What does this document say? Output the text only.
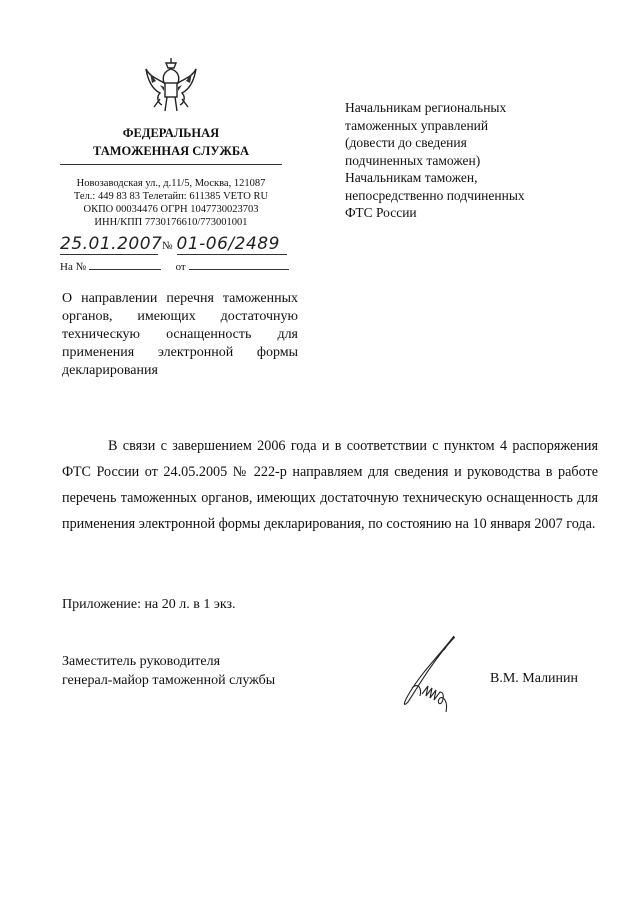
ФЕДЕРАЛЬНАЯ
ТАМОЖЕННАЯ СЛУЖБА
Новозаводская ул., д.11/5, Москва, 121087
Тел.: 449 83 83 Телетайп: 611385 VETO RU
ОКПО 00034476 ОГРН 1047730023703
ИНН/КПП 7730176610/773001001
25.01.2007 № 01-06/2489
На №	от
Начальникам региональных
таможенных управлений
(довести до сведения
подчиненных таможен)
Начальникам таможен,
непосредственно подчиненных
ФТС России
О направлении перечня таможенных органов, имеющих достаточную техническую оснащенность для применения электронной формы декларирования
В связи с завершением 2006 года и в соответствии с пунктом 4 распоряжения ФТС России от 24.05.2005 № 222-р направляем для сведения и руководства в работе перечень таможенных органов, имеющих достаточную техническую оснащенность для применения электронной формы декларирования, по состоянию на 10 января 2007 года.
Приложение: на 20 л. в 1 экз.
Заместитель руководителя
генерал-майор таможенной службы	В.М. Малинин
